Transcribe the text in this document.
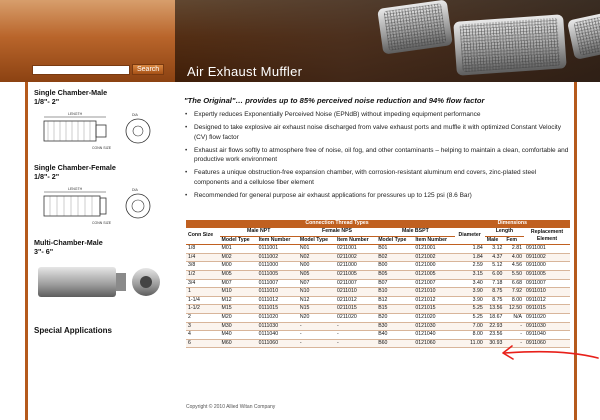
Air Exhaust Muffler
Search
Single Chamber-Male
1/8"- 2"
LENGTH	DIA
CONN SIZE
Single Chamber-Female
1/8"- 2"
LENGTH	DIA
CONN SIZE
Multi-Chamber-Male
3"- 6"
Special Applications
"The Original"… provides up to 85% perceived noise reduction and 94% flow factor
• Expertly reduces Exponentially Perceived Noise (EPNdB) without impeding equipment performance
• Designed to take explosive air exhaust noise discharged from valve exhaust ports and muffle it with optimized Constant Velocity (CV) flow factor
• Exhaust air flows softly to atmosphere free of noise, oil fog, and other contaminants – helping to maintain a clean, comfortable and productive work environment
• Features a unique obstruction-free expansion chamber, with corrosion-resistant aluminum end covers, zinc-plated steel components and a cellulose fiber element
• Recommended for general purpose air exhaust applications for pressures up to 125 psi (8.6 Bar)
	Connection Thread Types						Dimensions			
Conn Size	Male NPT		Female NPS		Male BSPT		Diameter	Length		Replacement Element
	Model Type	Item Number	Model Type	Item Number	Model Type	Item Number		Male	Fem	
1/8	M01	0111001	N01	0211001	B01	0121001	1.84	3.12	2.81	0911001
1/4	M02	0111002	N02	0211002	B02	0121002	1.84	4.37	4.00	0911002
3/8	M00	0111000	N00	0211000	B00	0121000	2.59	5.12	4.56	0911000
1/2	M05	0111005	N05	0211005	B05	0121005	3.15	6.00	5.50	0911005
3/4	M07	0111007	N07	0211007	B07	0121007	3.40	7.18	6.68	0911007
1	M10	0111010	N10	0211010	B10	0121010	3.90	8.75	7.92	0911010
1-1/4	M12	0111012	N12	0211012	B12	0121012	3.90	8.75	8.00	0911012
1-1/2	M15	0111015	N15	0211015	B15	0121015	5.25	13.56	12.50	0911015
2	M20	0111020	N20	0211020	B20	0121020	5.25	18.67	N/A	0911020
3	M30	0111030	-	-	B30	0121030	7.00	22.93	-	0911030
4	M40	0111040	-	-	B40	0121040	8.00	23.56	-	0911040
6	M60	0111060	-	-	B60	0121060	11.00	30.93	-	0911060
Copyright © 2010 Allied Witan Company
